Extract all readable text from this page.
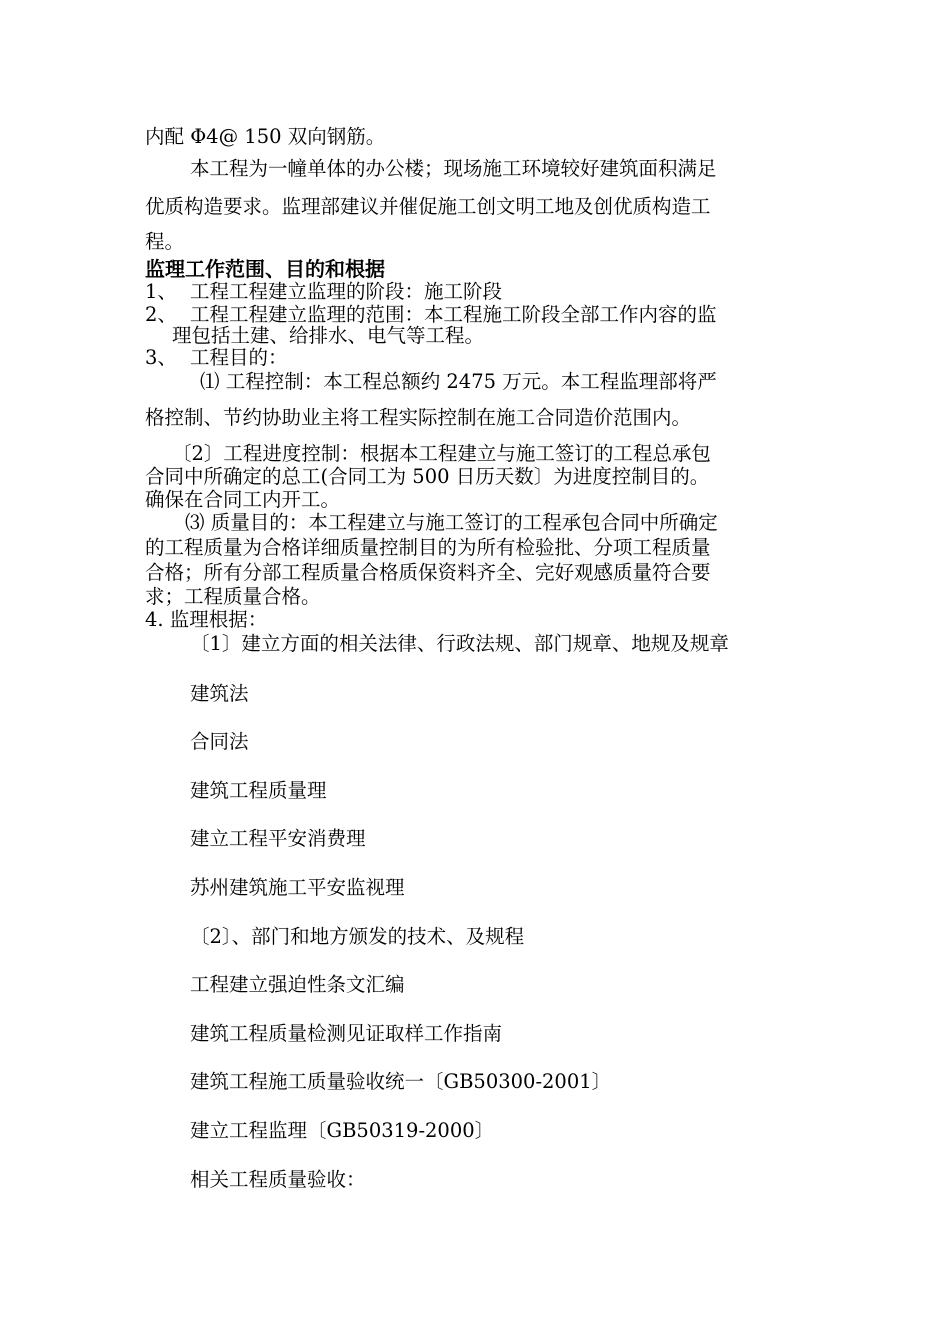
内配 Φ4@ 150 双向钢筋。
本工程为一幢单体的办公楼；现场施工环境较好建筑面积满足
优质构造要求。监理部建议并催促施工创文明工地及创优质构造工
程。
监理工作范围、目的和根据
1、 工程工程建立监理的阶段：施工阶段
2、 工程工程建立监理的范围：本工程施工阶段全部工作内容的监
理包括土建、给排水、电气等工程。
3、 工程目的：
⑴ 工程控制：本工程总额约 2475 万元。本工程监理部将严
格控制、节约协助业主将工程实际控制在施工合同造价范围内。
〔2〕工程进度控制：根据本工程建立与施工签订的工程总承包
合同中所确定的总工(合同工为 500 日历天数〕为进度控制目的。
确保在合同工内开工。
⑶ 质量目的：本工程建立与施工签订的工程承包合同中所确定
的工程质量为合格详细质量控制目的为所有检验批、分项工程质量
合格；所有分部工程质量合格质保资料齐全、完好观感质量符合要
求；工程质量合格。
4. 监理根据：
〔1〕建立方面的相关法律、行政法规、部门规章、地规及规章
建筑法
合同法
建筑工程质量理
建立工程平安消费理
苏州建筑施工平安监视理
〔2〕、部门和地方颁发的技术、及规程
工程建立强迫性条文汇编
建筑工程质量检测见证取样工作指南
建筑工程施工质量验收统一〔GB50300-2001〕
建立工程监理〔GB50319-2000〕
相关工程质量验收：
